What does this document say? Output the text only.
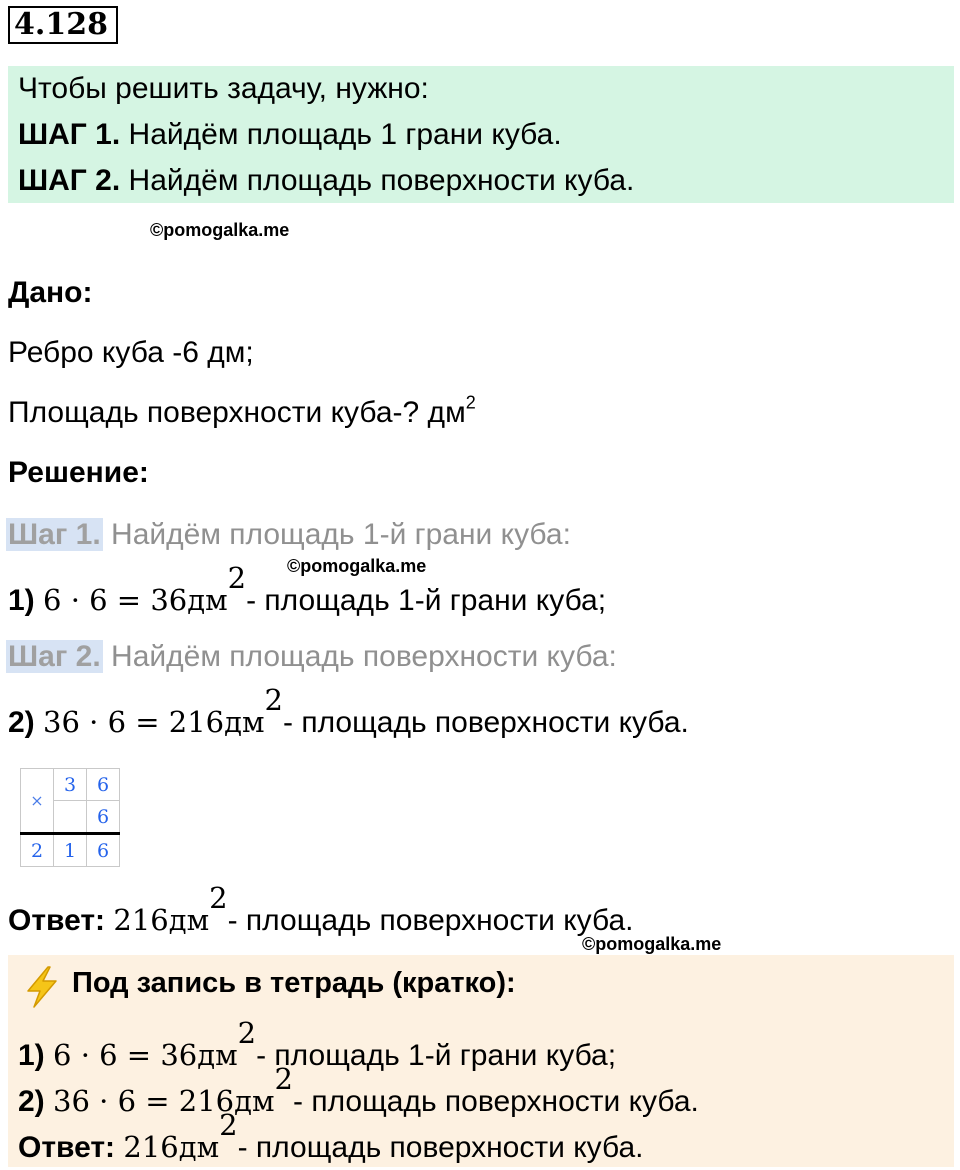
4.128
Чтобы решить задачу, нужно:
ШАГ 1. Найдём площадь 1 грани куба.
ШАГ 2. Найдём площадь поверхности куба.
©pomogalka.me
Дано:
Ребро куба -6 дм;
Площадь поверхности куба-? $дм^2$
Решение:
Шаг 1. Найдём площадь 1-й грани куба:
©pomogalka.me
1) $6 \cdot 6 = 36дм^2-$ площадь 1-й грани куба;
Шаг 2. Найдём площадь поверхности куба:
2) $36 \cdot 6 = 216дм^2-$ площадь поверхности куба.
×	3	6
		6
2	1	6
Ответ: $216дм^2-$ площадь поверхности куба.
©pomogalka.me
Под запись в тетрадь (кратко):
1) $6 \cdot 6 = 36дм^2-$ площадь 1-й грани куба;
2) $36 \cdot 6 = 216дм^2-$ площадь поверхности куба.
Ответ: $216дм^2-$ площадь поверхности куба.
